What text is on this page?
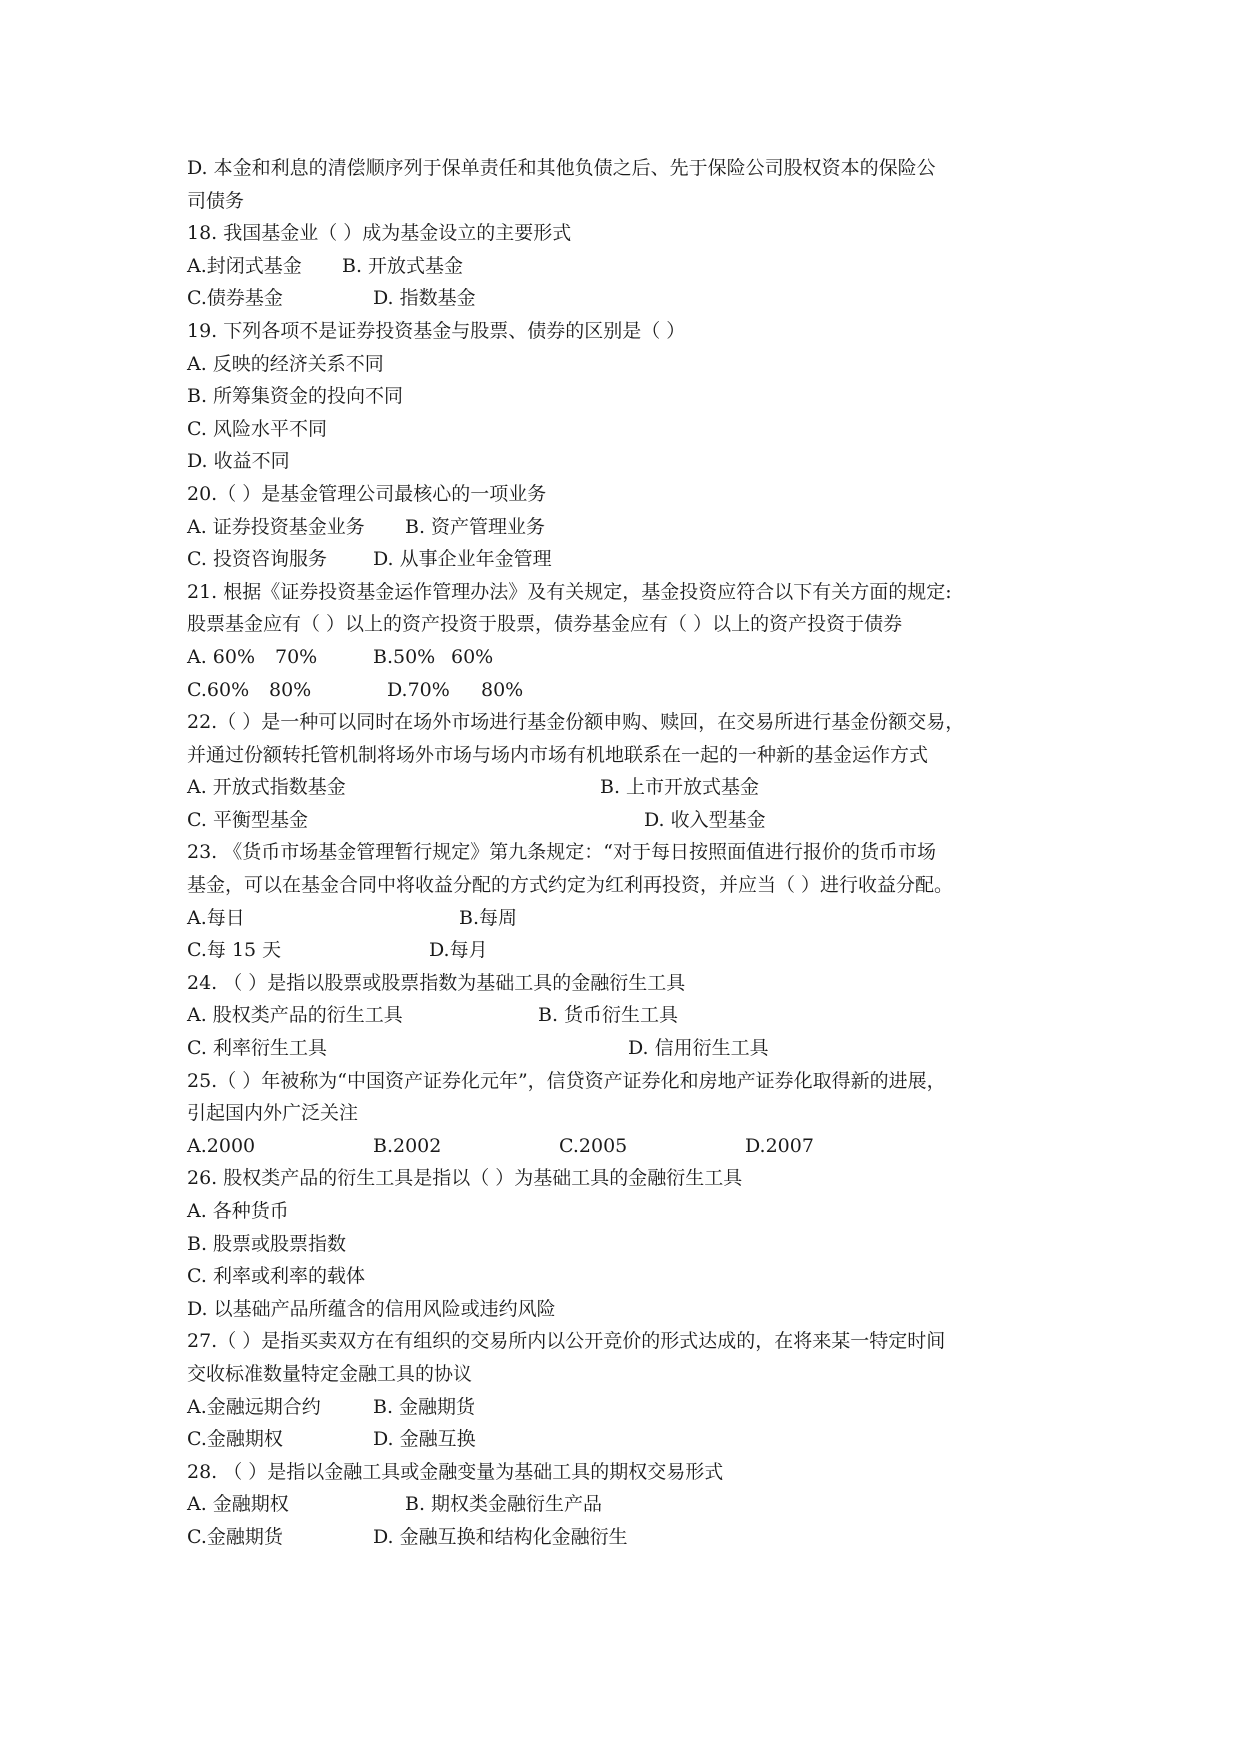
D. 本金和利息的清偿顺序列于保单责任和其他负债之后、先于保险公司股权资本的保险公
司债务
18. 我国基金业（ ）成为基金设立的主要形式
A.封闭式基金	B. 开放式基金
C.债券基金	D. 指数基金
19. 下列各项不是证券投资基金与股票、债券的区别是（ ）
A. 反映的经济关系不同
B. 所筹集资金的投向不同
C. 风险水平不同
D. 收益不同
20.（ ）是基金管理公司最核心的一项业务
A. 证券投资基金业务	B. 资产管理业务
C. 投资咨询服务	D. 从事企业年金管理
21. 根据《证券投资基金运作管理办法》及有关规定，基金投资应符合以下有关方面的规定:
股票基金应有（ ）以上的资产投资于股票，债券基金应有（ ）以上的资产投资于债券
A. 60%	70%	B.50% 60%
C.60%	80%	D.70%	80%
22.（ ）是一种可以同时在场外市场进行基金份额申购、赎回，在交易所进行基金份额交易，
并通过份额转托管机制将场外市场与场内市场有机地联系在一起的一种新的基金运作方式
A. 开放式指数基金	B. 上市开放式基金
C. 平衡型基金	D. 收入型基金
23. 《货币市场基金管理暂行规定》第九条规定：“对于每日按照面值进行报价的货币市场
基金，可以在基金合同中将收益分配的方式约定为红利再投资，并应当（ ）进行收益分配。
A.每日	B.每周
C.每 15 天	D.每月
24. （ ）是指以股票或股票指数为基础工具的金融衍生工具
A. 股权类产品的衍生工具	B. 货币衍生工具
C. 利率衍生工具	D. 信用衍生工具
25.（ ）年被称为“中国资产证券化元年”，信贷资产证券化和房地产证券化取得新的进展，
引起国内外广泛关注
A.2000	B.2002	C.2005	D.2007
26. 股权类产品的衍生工具是指以（ ）为基础工具的金融衍生工具
A. 各种货币
B. 股票或股票指数
C. 利率或利率的载体
D. 以基础产品所蕴含的信用风险或违约风险
27.（ ）是指买卖双方在有组织的交易所内以公开竞价的形式达成的，在将来某一特定时间
交收标准数量特定金融工具的协议
A.金融远期合约	B. 金融期货
C.金融期权	D. 金融互换
28. （ ）是指以金融工具或金融变量为基础工具的期权交易形式
A. 金融期权	B. 期权类金融衍生产品
C.金融期货	D. 金融互换和结构化金融衍生
